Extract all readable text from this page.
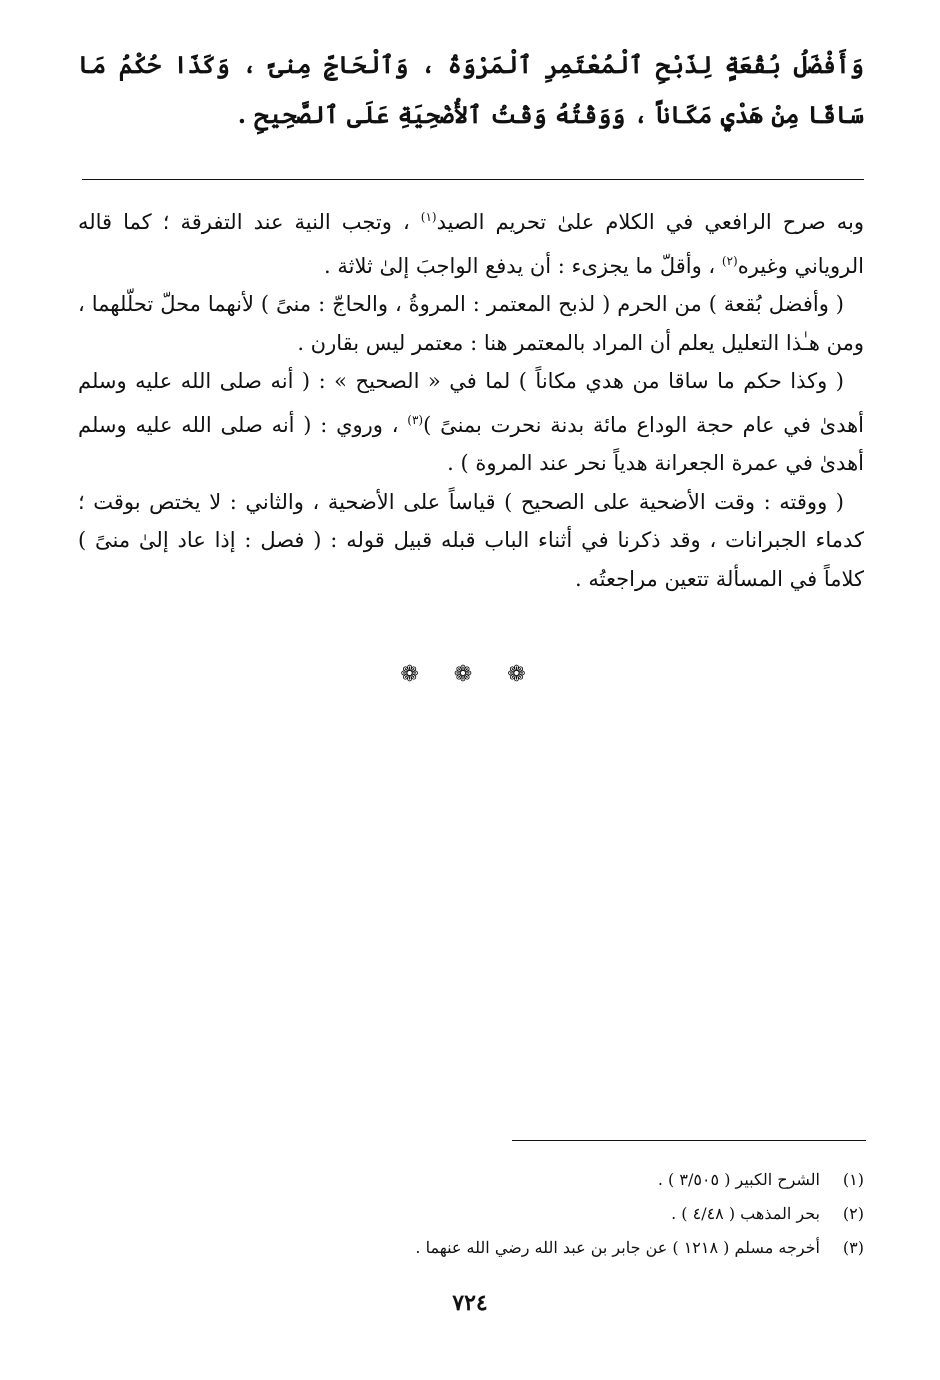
وَأَفْضَلُ بُقْعَةٍ لِذَبْحِ ٱلْمُعْتَمِرِ ٱلْمَرْوَةُ ، وَٱلْحَاجِّ مِنىً ، وَكَذَا حُكْمُ مَا سَاقَا مِنْ هَدْيٍ مَكَاناً ، وَوَقْتُهُ وَقْتُ ٱلأُضْحِيَةِ عَلَى ٱلصَّحِيحِ .

وبه صرح الرافعي في الكلام علىٰ تحريم الصيد$^{(١)}$ ، وتجب النية عند التفرقة ؛ كما قاله الروياني وغيره$^{(٢)}$ ، وأقلّ ما يجزىء : أن يدفع الواجبَ إلىٰ ثلاثة .

( وأفضل بُقعة ) من الحرم ( لذبح المعتمر : المروةُ ، والحاجّ : منىً ) لأنهما محلّ تحلّلهما ، ومن هـٰذا التعليل يعلم أن المراد بالمعتمر هنا : معتمر ليس بقارن .

( وكذا حكم ما ساقا من هدي مكاناً ) لما في « الصحيح » : ( أنه صلى الله عليه وسلم أهدىٰ في عام حجة الوداع مائة بدنة نحرت بمنىً )$^{(٣)}$ ، وروي : ( أنه صلى الله عليه وسلم أهدىٰ في عمرة الجعرانة هدياً نحر عند المروة ) .

( ووقته : وقت الأضحية على الصحيح ) قياساً على الأضحية ، والثاني : لا يختص بوقت ؛ كدماء الجبرانات ، وقد ذكرنا في أثناء الباب قبله قبيل قوله : ( فصل : إذا عاد إلىٰ منىً ) كلاماً في المسألة تتعين مراجعتُه .

❁ ❁ ❁
(١)الشرح الكبير ( ٣/٥٠٥ ) .
(٢)بحر المذهب ( ٤/٤٨ ) .
(٣)أخرجه مسلم ( ١٢١٨ ) عن جابر بن عبد الله رضي الله عنهما .
٧٢٤
